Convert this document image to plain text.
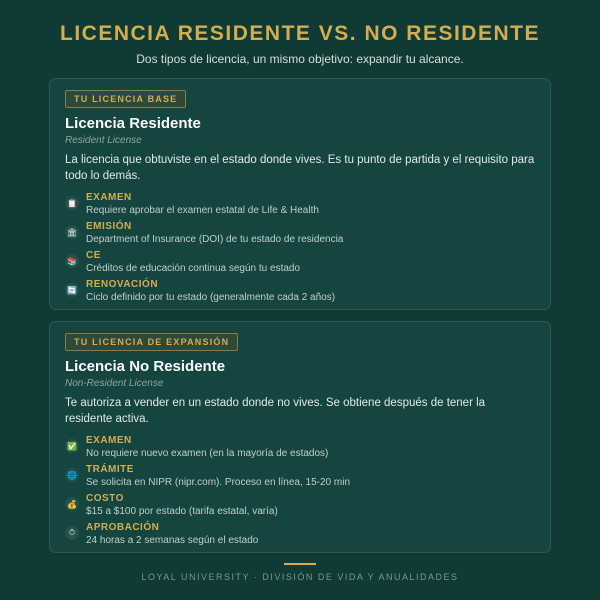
LICENCIA RESIDENTE VS. NO RESIDENTE
Dos tipos de licencia, un mismo objetivo: expandir tu alcance.
TU LICENCIA BASE
Licencia Residente
Resident License
La licencia que obtuviste en el estado donde vives. Es tu punto de partida y el requisito para todo lo demás.
📋 EXAMEN
Requiere aprobar el examen estatal de Life & Health
🏛 EMISIÓN
Department of Insurance (DOI) de tu estado de residencia
📚 CE
Créditos de educación continua según tu estado
🔄 RENOVACIÓN
Ciclo definido por tu estado (generalmente cada 2 años)
TU LICENCIA DE EXPANSIÓN
Licencia No Residente
Non-Resident License
Te autoriza a vender en un estado donde no vives. Se obtiene después de tener la residente activa.
✅ EXAMEN
No requiere nuevo examen (en la mayoría de estados)
🌐 TRÁMITE
Se solicita en NIPR (nipr.com). Proceso en línea, 15-20 min
💰 COSTO
$15 a $100 por estado (tarifa estatal, varía)
⏱	APROBACIÓN
24 horas a 2 semanas según el estado
LOYAL UNIVERSITY · DIVISIÓN DE VIDA Y ANUALIDADES
